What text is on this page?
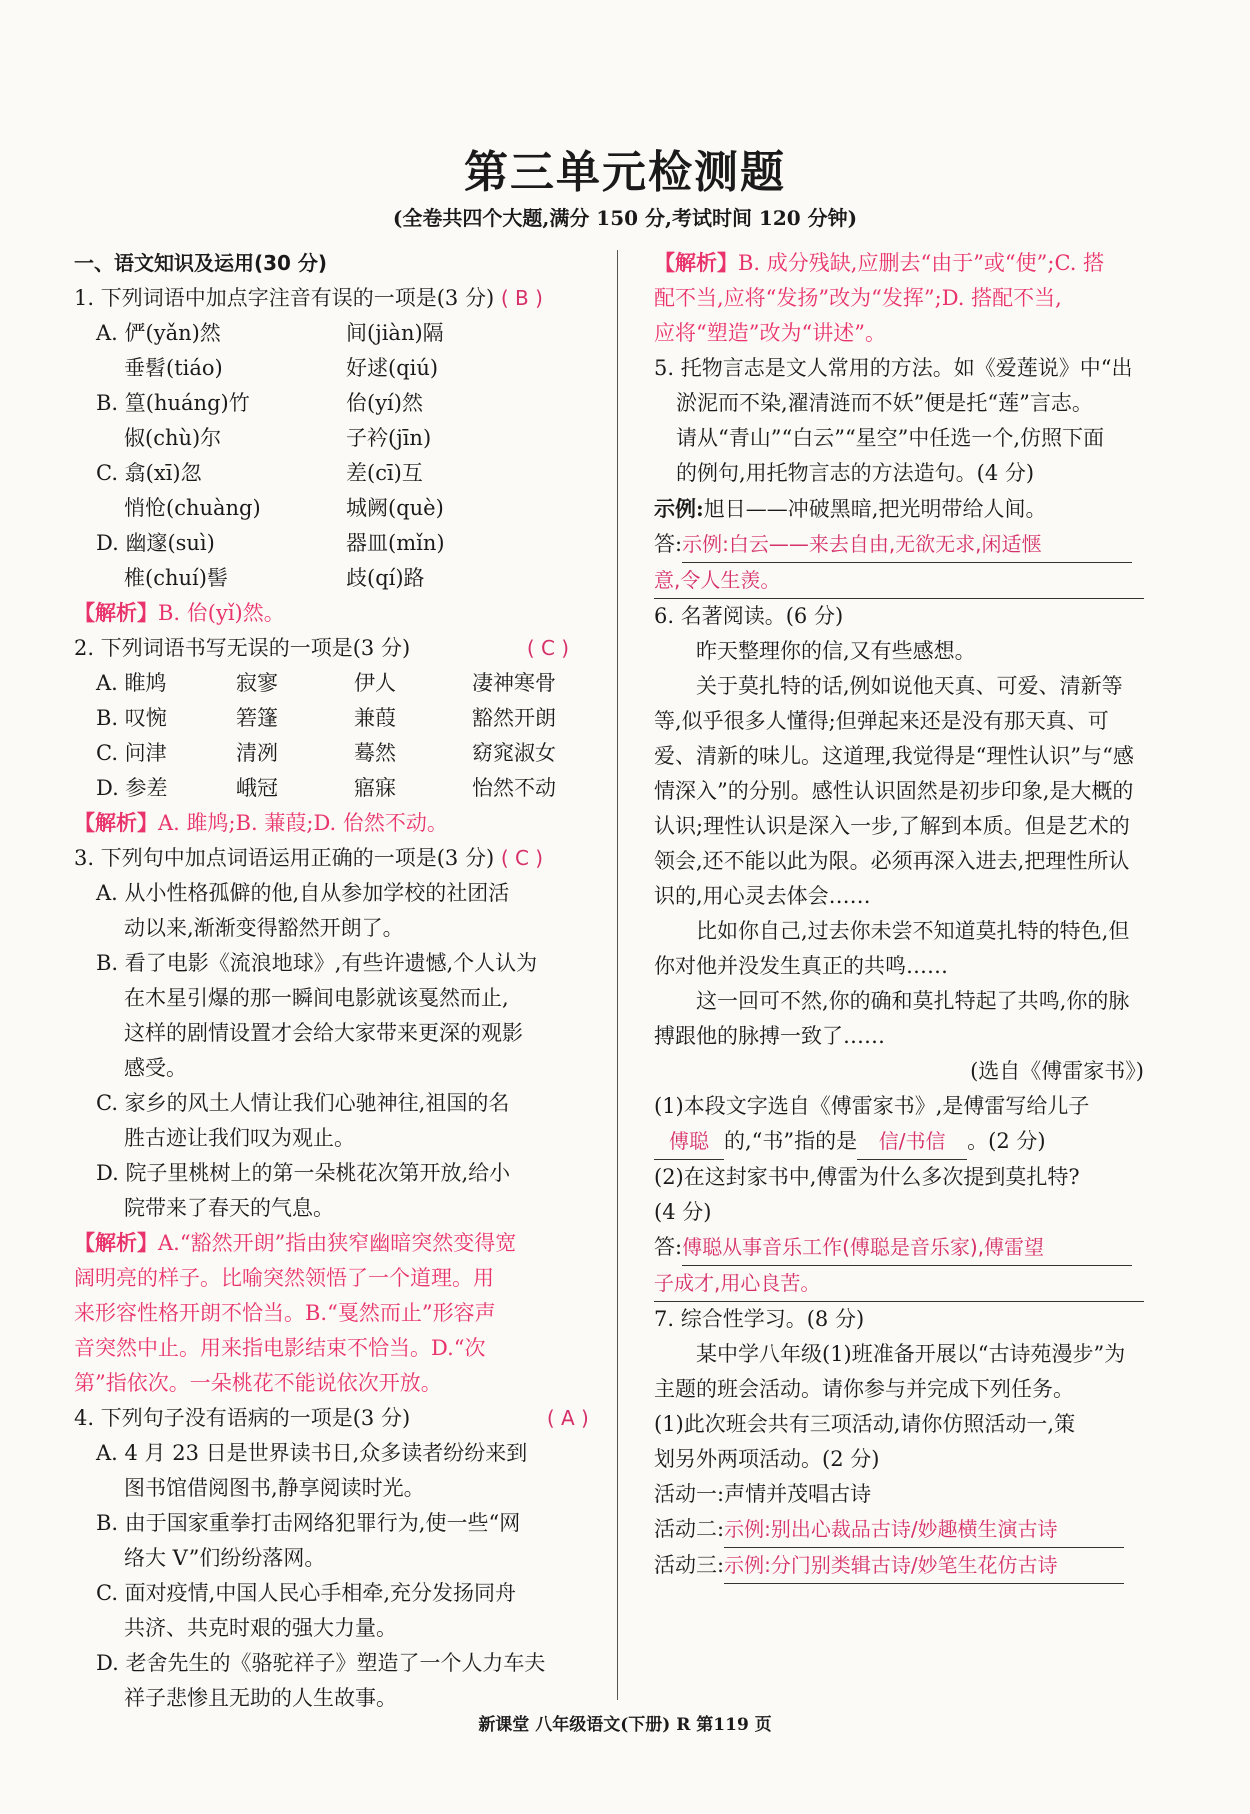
第三单元检测题
(全卷共四个大题,满分 150 分,考试时间 120 分钟)
一、语文知识及运用(30 分)
1. 下列词语中加点字注音有误的一项是(3 分) ( B )
A. 俨(yǎn)然	间(jiàn)隔
垂髫(tiáo)	好逑(qiú)
B. 篁(huáng)竹	佁(yí)然
俶(chù)尔	子衿(jīn)
C. 翕(xī)忽	差(cī)互
悄怆(chuàng)	城阙(què)
D. 幽邃(suì)	器皿(mǐn)
椎(chuí)髻	歧(qí)路
【解析】B. 佁(yǐ)然。
2. 下列词语书写无误的一项是(3 分)	( C )
A. 睢鸠	寂寥	伊人	凄神寒骨
B. 叹惋	箬篷	兼葭	豁然开朗
C. 问津	清冽	蓦然	窈窕淑女
D. 参差	峨冠	寤寐	怡然不动
【解析】A. 雎鸠;B. 蒹葭;D. 佁然不动。
3. 下列句中加点词语运用正确的一项是(3 分) ( C )
A. 从小性格孤僻的他,自从参加学校的社团活
动以来,渐渐变得豁然开朗了。
B. 看了电影《流浪地球》,有些许遗憾,个人认为
在木星引爆的那一瞬间电影就该戛然而止,
这样的剧情设置才会给大家带来更深的观影
感受。
C. 家乡的风土人情让我们心驰神往,祖国的名
胜古迹让我们叹为观止。
D. 院子里桃树上的第一朵桃花次第开放,给小
院带来了春天的气息。
【解析】A.“豁然开朗”指由狭窄幽暗突然变得宽
阔明亮的样子。比喻突然领悟了一个道理。用
来形容性格开朗不恰当。B.“戛然而止”形容声
音突然中止。用来指电影结束不恰当。D.“次
第”指依次。一朵桃花不能说依次开放。
4. 下列句子没有语病的一项是(3 分)	( A )
A. 4 月 23 日是世界读书日,众多读者纷纷来到
图书馆借阅图书,静享阅读时光。
B. 由于国家重拳打击网络犯罪行为,使一些“网
络大 V”们纷纷落网。
C. 面对疫情,中国人民心手相牵,充分发扬同舟
共济、共克时艰的强大力量。
D. 老舍先生的《骆驼祥子》塑造了一个人力车夫
祥子悲惨且无助的人生故事。
【解析】B. 成分残缺,应删去“由于”或“使”;C. 搭
配不当,应将“发扬”改为“发挥”;D. 搭配不当,
应将“塑造”改为“讲述”。
5. 托物言志是文人常用的方法。如《爱莲说》中“出
淤泥而不染,濯清涟而不妖”便是托“莲”言志。
请从“青山”“白云”“星空”中任选一个,仿照下面
的例句,用托物言志的方法造句。(4 分)
示例:旭日——冲破黑暗,把光明带给人间。
答:示例:白云——来去自由,无欲无求,闲适惬
意,令人生羡。
6. 名著阅读。(6 分)
昨天整理你的信,又有些感想。
关于莫扎特的话,例如说他天真、可爱、清新等等,似乎很多人懂得;但弹起来还是没有那天真、可爱、清新的味儿。这道理,我觉得是“理性认识”与“感情深入”的分别。感性认识固然是初步印象,是大概的认识;理性认识是深入一步,了解到本质。但是艺术的领会,还不能以此为限。必须再深入进去,把理性所认识的,用心灵去体会……
比如你自己,过去你未尝不知道莫扎特的特色,但你对他并没发生真正的共鸣……
这一回可不然,你的确和莫扎特起了共鸣,你的脉搏跟他的脉搏一致了……
(选自《傅雷家书》)
(1)本段文字选自《傅雷家书》,是傅雷写给儿子
傅聪 的,“书”指的是 信/书信 。(2 分)
(2)在这封家书中,傅雷为什么多次提到莫扎特?
(4 分)
答:傅聪从事音乐工作(傅聪是音乐家),傅雷望
子成才,用心良苦。
7. 综合性学习。(8 分)
某中学八年级(1)班准备开展以“古诗苑漫步”为主题的班会活动。请你参与并完成下列任务。
(1)此次班会共有三项活动,请你仿照活动一,策
划另外两项活动。(2 分)
活动一:声情并茂唱古诗
活动二:示例:别出心裁品古诗/妙趣横生演古诗
活动三:示例:分门别类辑古诗/妙笔生花仿古诗
新课堂 八年级语文(下册) R 第119 页
